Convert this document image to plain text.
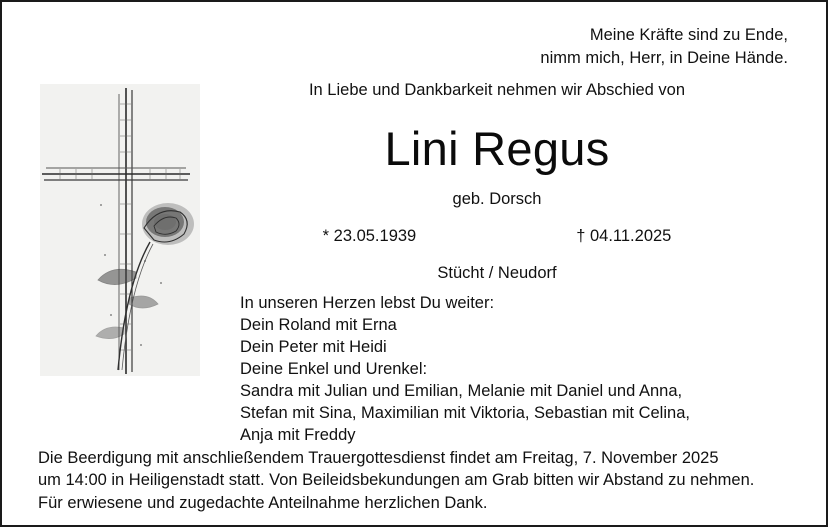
Meine Kräfte sind zu Ende,
nimm mich, Herr, in Deine Hände.
In Liebe und Dankbarkeit nehmen wir Abschied von
Lini Regus
geb. Dorsch
* 23.05.1939	† 04.11.2025
Stücht / Neudorf
In unseren Herzen lebst Du weiter:
Dein Roland mit Erna
Dein Peter mit Heidi
Deine Enkel und Urenkel:
Sandra mit Julian und Emilian, Melanie mit Daniel und Anna,
Stefan mit Sina, Maximilian mit Viktoria, Sebastian mit Celina,
Anja mit Freddy
Die Beerdigung mit anschließendem Trauergottesdienst findet am Freitag, 7. November 2025
um 14:00 in Heiligenstadt statt. Von Beileidsbekundungen am Grab bitten wir Abstand zu nehmen.
Für erwiesene und zugedachte Anteilnahme herzlichen Dank.
